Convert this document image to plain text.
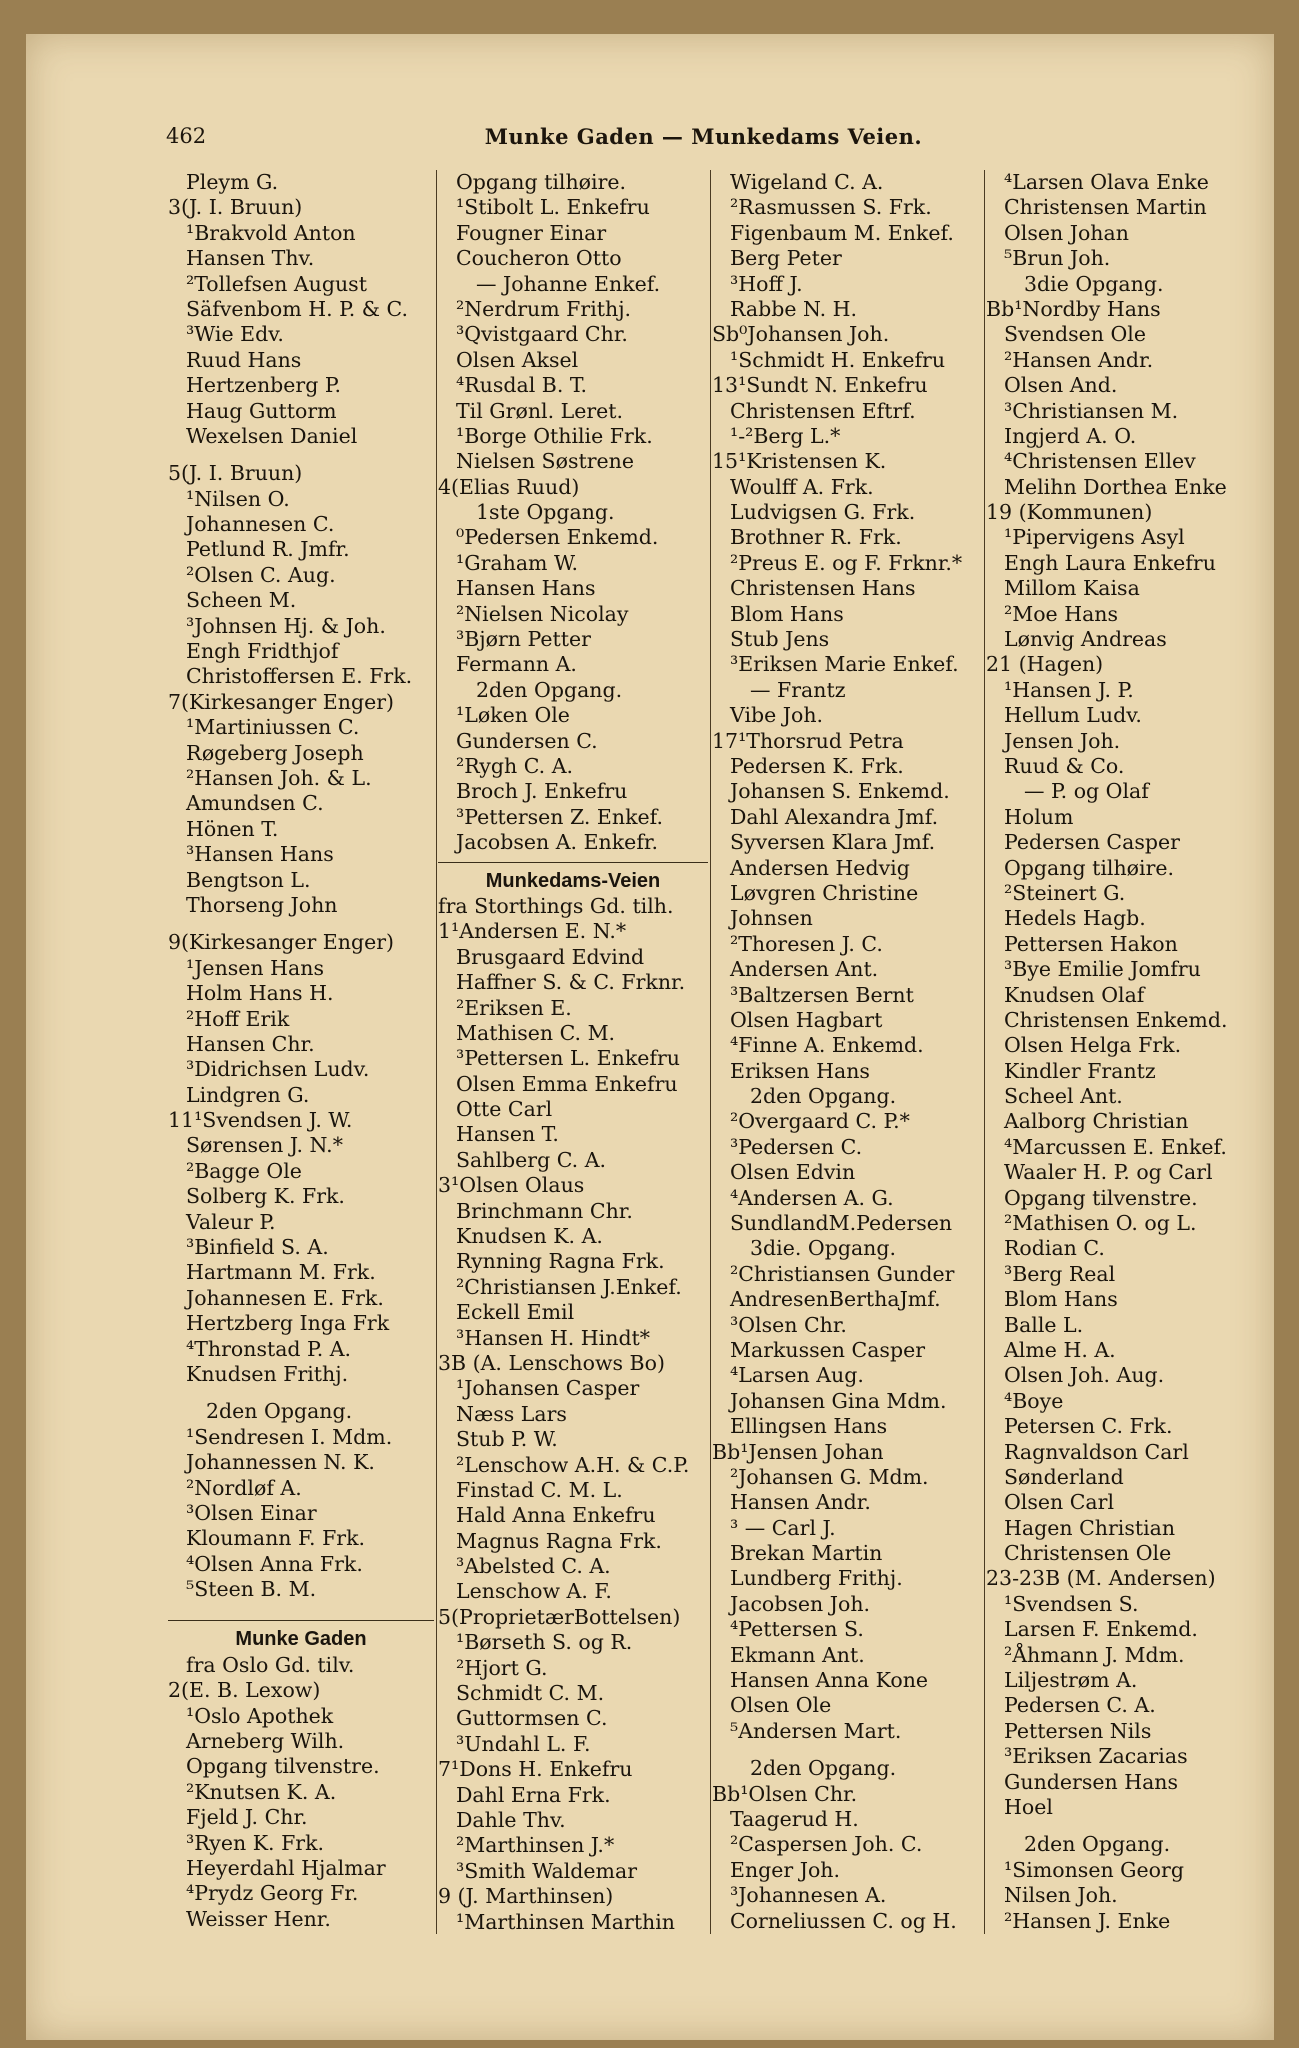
462	Munke Gaden — Munkedams Veien.
Pleym G.
3(J. I. Bruun)
¹Brakvold Anton
Hansen Thv.
²Tollefsen August
Säfvenbom H. P. & C.
³Wie Edv.
Ruud Hans
Hertzenberg P.
Haug Guttorm
Wexelsen Daniel
5(J. I. Bruun)
¹Nilsen O.
Johannesen C.
Petlund R. Jmfr.
²Olsen C. Aug.
Scheen M.
³Johnsen Hj. & Joh.
Engh Fridthjof
Christoffersen E. Frk.
7(Kirkesanger Enger)
¹Martiniussen C.
Røgeberg Joseph
²Hansen Joh. & L.
Amundsen C.
Hönen T.
³Hansen Hans
Bengtson L.
Thorseng John
9(Kirkesanger Enger)
¹Jensen Hans
Holm Hans H.
²Hoff Erik
Hansen Chr.
³Didrichsen Ludv.
Lindgren G.
11¹Svendsen J. W.
Sørensen J. N.*
²Bagge Ole
Solberg K. Frk.
Valeur P.
³Binfield S. A.
Hartmann M. Frk.
Johannesen E. Frk.
Hertzberg Inga Frk
⁴Thronstad P. A.
Knudsen Frithj.
2den Opgang.
¹Sendresen I. Mdm.
Johannessen N. K.
²Nordløf A.
³Olsen Einar
Kloumann F. Frk.
⁴Olsen Anna Frk.
⁵Steen B. M.
Munke Gaden
fra Oslo Gd. tilv.
2(E. B. Lexow)
¹Oslo Apothek
Arneberg Wilh.
Opgang tilvenstre.
²Knutsen K. A.
Fjeld J. Chr.
³Ryen K. Frk.
Heyerdahl Hjalmar
⁴Prydz Georg Fr.
Weisser Henr.
Opgang tilhøire.
¹Stibolt L. Enkefru
Fougner Einar
Coucheron Otto
— Johanne Enkef.
²Nerdrum Frithj.
³Qvistgaard Chr.
Olsen Aksel
⁴Rusdal B. T.
Til Grønl. Leret.
¹Borge Othilie Frk.
Nielsen Søstrene
4(Elias Ruud)
1ste Opgang.
⁰Pedersen Enkemd.
¹Graham W.
Hansen Hans
²Nielsen Nicolay
³Bjørn Petter
Fermann A.
2den Opgang.
¹Løken Ole
Gundersen C.
²Rygh C. A.
Broch J. Enkefru
³Pettersen Z. Enkef.
Jacobsen A. Enkefr.
Munkedams-Veien
fra Storthings Gd. tilh.
1¹Andersen E. N.*
Brusgaard Edvind
Haffner S. & C. Frknr.
²Eriksen E.
Mathisen C. M.
³Pettersen L. Enkefru
Olsen Emma Enkefru
Otte Carl
Hansen T.
Sahlberg C. A.
3¹Olsen Olaus
Brinchmann Chr.
Knudsen K. A.
Rynning Ragna Frk.
²Christiansen J.Enkef.
Eckell Emil
³Hansen H. Hindt*
3B (A. Lenschows Bo)
¹Johansen Casper
Næss Lars
Stub P. W.
²Lenschow A.H. & C.P.
Finstad C. M. L.
Hald Anna Enkefru
Magnus Ragna Frk.
³Abelsted C. A.
Lenschow A. F.
5(ProprietærBottelsen)
¹Børseth S. og R.
²Hjort G.
Schmidt C. M.
Guttormsen C.
³Undahl L. F.
7¹Dons H. Enkefru
Dahl Erna Frk.
Dahle Thv.
²Marthinsen J.*
³Smith Waldemar
9 (J. Marthinsen)
¹Marthinsen Marthin
Wigeland C. A.
²Rasmussen S. Frk.
Figenbaum M. Enkef.
Berg Peter
³Hoff J.
Rabbe N. H.
Sb⁰Johansen Joh.
¹Schmidt H. Enkefru
13¹Sundt N. Enkefru
Christensen Eftrf.
¹-²Berg L.*
15¹Kristensen K.
Woulff A. Frk.
Ludvigsen G. Frk.
Brothner R. Frk.
²Preus E. og F. Frknr.*
Christensen Hans
Blom Hans
Stub Jens
³Eriksen Marie Enkef.
— Frantz
Vibe Joh.
17¹Thorsrud Petra
Pedersen K. Frk.
Johansen S. Enkemd.
Dahl Alexandra Jmf.
Syversen Klara Jmf.
Andersen Hedvig
Løvgren Christine
Johnsen
²Thoresen J. C.
Andersen Ant.
³Baltzersen Bernt
Olsen Hagbart
⁴Finne A. Enkemd.
Eriksen Hans
2den Opgang.
²Overgaard C. P.*
³Pedersen C.
Olsen Edvin
⁴Andersen A. G.
SundlandM.Pedersen
3die. Opgang.
²Christiansen Gunder
AndresenBerthaJmf.
³Olsen Chr.
Markussen Casper
⁴Larsen Aug.
Johansen Gina Mdm.
Ellingsen Hans
Bb¹Jensen Johan
²Johansen G. Mdm.
Hansen Andr.
³ — Carl J.
Brekan Martin
Lundberg Frithj.
Jacobsen Joh.
⁴Pettersen S.
Ekmann Ant.
Hansen Anna Kone
Olsen Ole
⁵Andersen Mart.
2den Opgang.
Bb¹Olsen Chr.
Taagerud H.
²Caspersen Joh. C.
Enger Joh.
³Johannesen A.
Corneliussen C. og H.
⁴Larsen Olava Enke
Christensen Martin
Olsen Johan
⁵Brun Joh.
3die Opgang.
Bb¹Nordby Hans
Svendsen Ole
²Hansen Andr.
Olsen And.
³Christiansen M.
Ingjerd A. O.
⁴Christensen Ellev
Melihn Dorthea Enke
19 (Kommunen)
¹Pipervigens Asyl
Engh Laura Enkefru
Millom Kaisa
²Moe Hans
Lønvig Andreas
21 (Hagen)
¹Hansen J. P.
Hellum Ludv.
Jensen Joh.
Ruud & Co.
— P. og Olaf
Holum
Pedersen Casper
Opgang tilhøire.
²Steinert G.
Hedels Hagb.
Pettersen Hakon
³Bye Emilie Jomfru
Knudsen Olaf
Christensen Enkemd.
Olsen Helga Frk.
Kindler Frantz
Scheel Ant.
Aalborg Christian
⁴Marcussen E. Enkef.
Waaler H. P. og Carl
Opgang tilvenstre.
²Mathisen O. og L.
Rodian C.
³Berg Real
Blom Hans
Balle L.
Alme H. A.
Olsen Joh. Aug.
⁴Boye
Petersen C. Frk.
Ragnvaldson Carl
Sønderland
Olsen Carl
Hagen Christian
Christensen Ole
23-23B (M. Andersen)
¹Svendsen S.
Larsen F. Enkemd.
²Åhmann J. Mdm.
Liljestrøm A.
Pedersen C. A.
Pettersen Nils
³Eriksen Zacarias
Gundersen Hans
Hoel
2den Opgang.
¹Simonsen Georg
Nilsen Joh.
²Hansen J. Enke
